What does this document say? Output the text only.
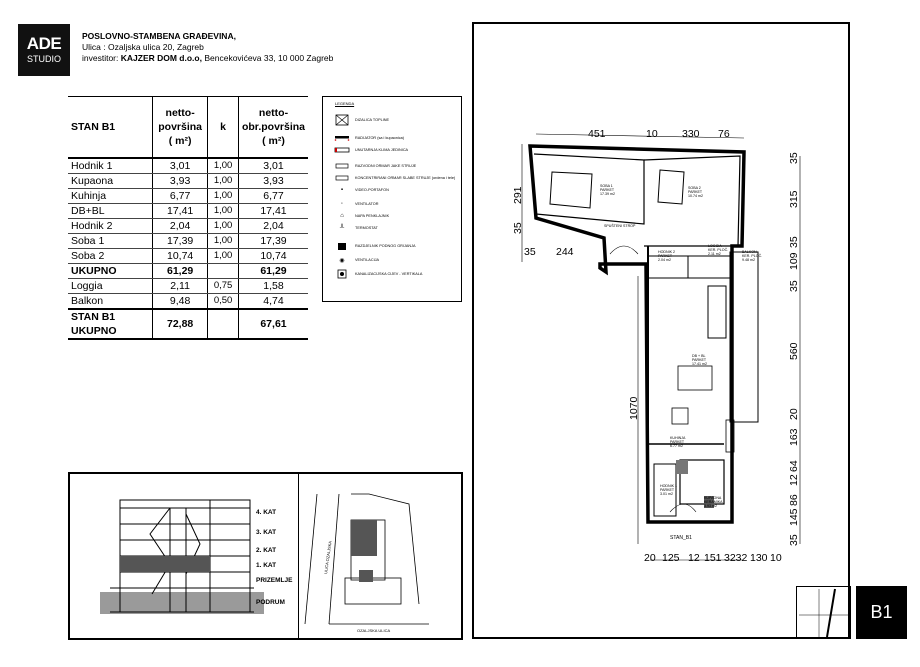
ADE
STUDIO
POSLOVNO-STAMBENA GRAĐEVINA,
Ulica : Ozaljska ulica 20, Zagreb
investitor: KAJZER DOM d.o.o, Bencekovićeva 33, 10 000 Zagreb
STAN B1	netto-
površina
( m²)	k	netto-
obr.površina
( m²)
Hodnik 1	3,01	1,00	3,01
Kupaona	3,93	1,00	3,93
Kuhinja	6,77	1,00	6,77
DB+BL	17,41	1,00	17,41
Hodnik 2	2,04	1,00	2,04
Soba 1	17,39	1,00	17,39
Soba 2	10,74	1,00	10,74
UKUPNO	61,29		61,29
Loggia	2,11	0,75	1,58
Balkon	9,48	0,50	4,74
STAN B1 UKUPNO	72,88		67,61
LEGENDA
DIZALICA TOPLINE
RADIJATOR (sa i kupaonica)
UNUTARNJA KLIMA JEDINICA
RAZVODNI ORMAR JAKE STRUJE
KONCENTRIRANI ORMAR SLABE STRUJE (ordena i tele)
▪	VIDEO-PORTAFON
◦	VENTILATOR
⌂	NAPA PENKLAJNIK
╨	TERMOSTAT
RAZDJELNIK PODNOG GRIJANJA
◉	VENTILACIJA
KANALIZACIJSKA CIJEV - VERTIKALA
4. KAT
3. KAT
2. KAT
1. KAT
PRIZEMLJE
PODRUM
ULICA OZALJSKA
OZALJSKA ULICA
451	10 330 76
20 125 12 151 3232 130 10
35
315
35
109
35
560
20
163
64
12
86
145
35
291
35
35 244
1070
SOBA 1
PARKET
17.39 m2
SOBA 2
PARKET
10.74 m2
HODNIK 2
PARKET
2.04 m2
LOGGIA
KER. PLOČ.
2.11 m2
BALKON
KER. PLOČ.
9.48 m2
DB + BL
PARKET
17.41 m2
KUHINJA
PARKET
6.77 m2
HODNIK 1
PARKET
3.01 m2
KUPAONA
KERAMIKA
3.93 m2
SPUŠTENI STROP
STAN_B1
B1
